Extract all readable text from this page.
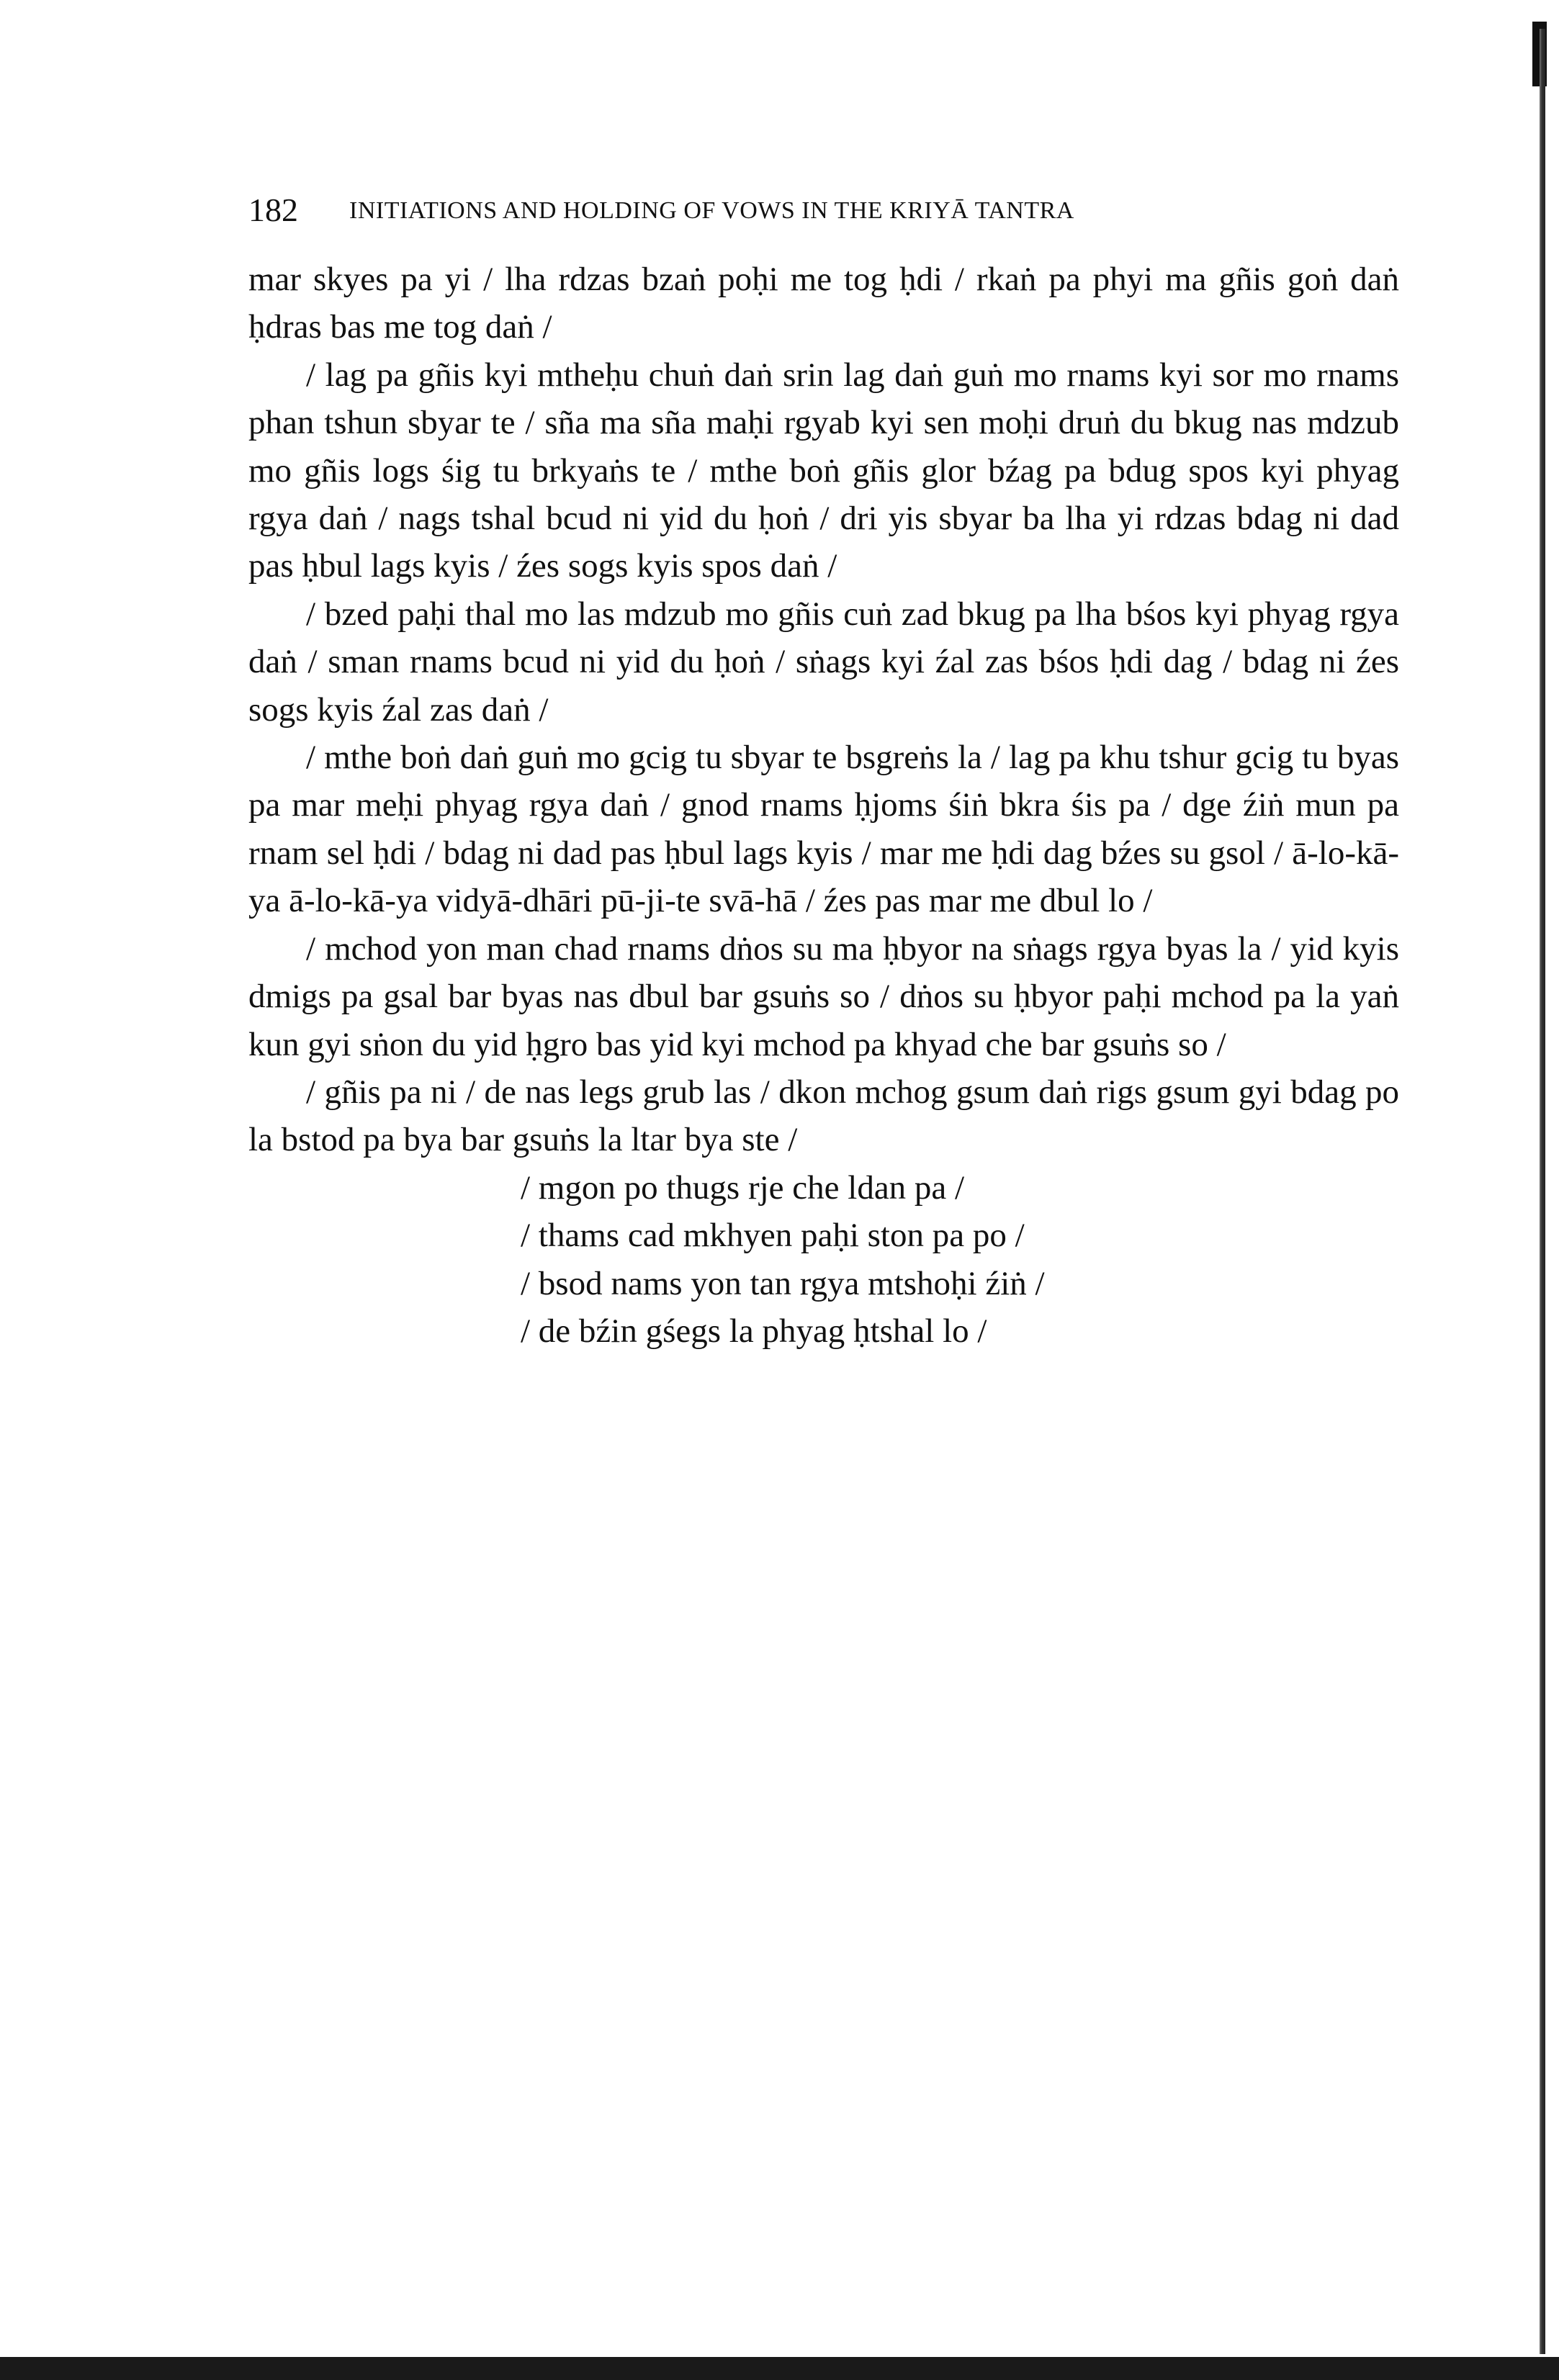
182 INITIATIONS AND HOLDING OF VOWS IN THE KRIYĀ TANTRA

mar skyes pa yi / lha rdzas bzaṅ poḥi me tog ḥdi / rkaṅ pa phyi ma gñis goṅ daṅ ḥdras bas me tog daṅ /

/ lag pa gñis kyi mtheḥu chuṅ daṅ srin lag daṅ guṅ mo rnams kyi sor mo rnams phan tshun sbyar te / sña ma sña maḥi rgyab kyi sen moḥi druṅ du bkug nas mdzub mo gñis logs śig tu brkyaṅs te / mthe boṅ gñis glor bźag pa bdug spos kyi phyag rgya daṅ / nags tshal bcud ni yid du ḥoṅ / dri yis sbyar ba lha yi rdzas bdag ni dad pas ḥbul lags kyis / źes sogs kyis spos daṅ /

/ bzed paḥi thal mo las mdzub mo gñis cuṅ zad bkug pa lha bśos kyi phyag rgya daṅ / sman rnams bcud ni yid du ḥoṅ / sṅags kyi źal zas bśos ḥdi dag / bdag ni źes sogs kyis źal zas daṅ /

/ mthe boṅ daṅ guṅ mo gcig tu sbyar te bsgreṅs la / lag pa khu tshur gcig tu byas pa mar meḥi phyag rgya daṅ / gnod rnams ḥjoms śiṅ bkra śis pa / dge źiṅ mun pa rnam sel ḥdi / bdag ni dad pas ḥbul lags kyis / mar me ḥdi dag bźes su gsol / ā-lo-kā-ya ā-lo-kā-ya vidyā-dhāri pū-ji-te svā-hā / źes pas mar me dbul lo /

/ mchod yon man chad rnams dṅos su ma ḥbyor na sṅags rgya byas la / yid kyis dmigs pa gsal bar byas nas dbul bar gsuṅs so / dṅos su ḥbyor paḥi mchod pa la yaṅ kun gyi sṅon du yid ḥgro bas yid kyi mchod pa khyad che bar gsuṅs so /

/ gñis pa ni / de nas legs grub las / dkon mchog gsum daṅ rigs gsum gyi bdag po la bstod pa bya bar gsuṅs la ltar bya ste /

/ mgon po thugs rje che ldan pa /

/ thams cad mkhyen paḥi ston pa po /

/ bsod nams yon tan rgya mtshoḥi źiṅ /

/ de bźin gśegs la phyag ḥtshal lo /
